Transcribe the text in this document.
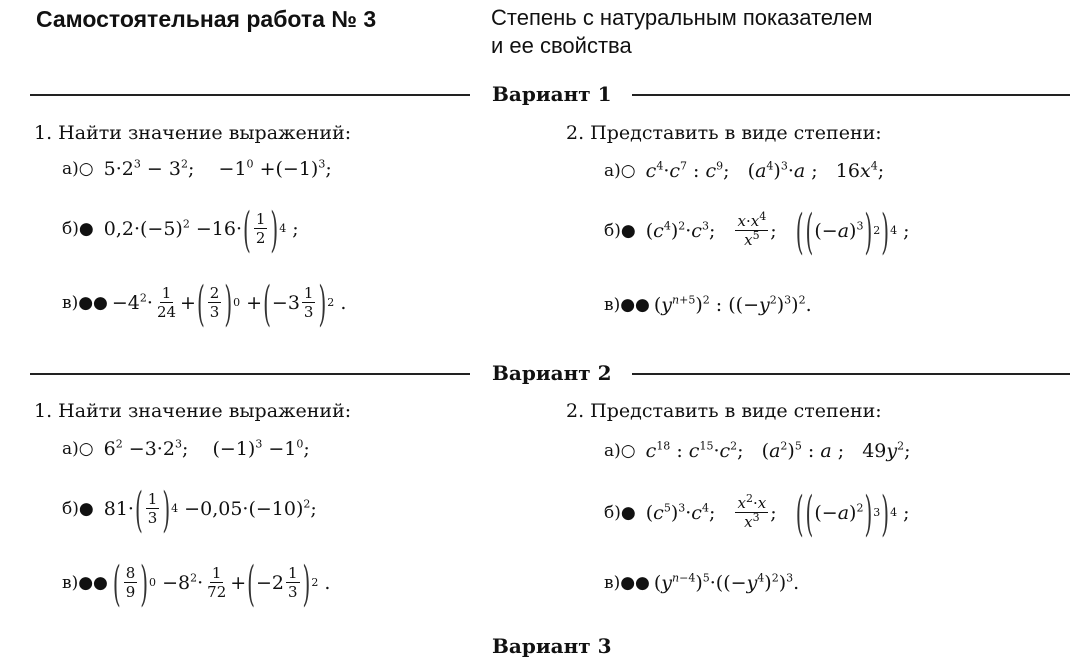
Самостоятельная работа № 3	Степень с натуральным показателем
и ее свойства
Вариант 1
1. Найти значение выражений:
а)○ $5\cdot 2^3 - 3^2$;    $-1^0 +(-1)^3$;
б)● $0,2\cdot(-5)^2 -16\cdot$ ( $\frac{1}{2}$ ) 4 ;
в)●● $-4^2\cdot \frac{1}{24}$ + ( $\frac{2}{3}$ ) 0 + ( $-3 \frac{1}{3}$ ) 2 .
2. Представить в виде степени:
а)○ $c^4\cdot c^7$ : $c^9$;   $(a^4)^3\cdot a$ ;   $16x^4$;
б)● $(c^4)^2\cdot c^3$; $\frac{x\cdot x^4}{x^5}$ ; ( ( $(-a)^3$ ) 2 ) 4 ;
в)●● $(y^{n+5})^2$ : $((-y^2)^3)^2$.
Вариант 2
1. Найти значение выражений:
а)○ $6^2 -3\cdot 2^3$;    $(-1)^3 -1^0$;
б)● 81· ( $\frac{1}{3}$ ) $4 -0,05\cdot(-10)^2$;
в)●● ( $\frac{8}{9}$ ) $0 -8^2\cdot \frac{1}{72}$ + ( $-2 \frac{1}{3}$ ) 2 .
2. Представить в виде степени:
а)○ $c^{18}$ : $c^{15}\cdot c^2$;   $(a^2)^5$ : a ;   $49y^2$;
б)● $(c^5)^3\cdot c^4$; $\frac{x^2\cdot x}{x^3}$ ; ( ( $(-a)^2$ ) 3 ) 4 ;
в)●● $(y^{n-4})^5\cdot((-y^4)^2)^3$.
Вариант 3
